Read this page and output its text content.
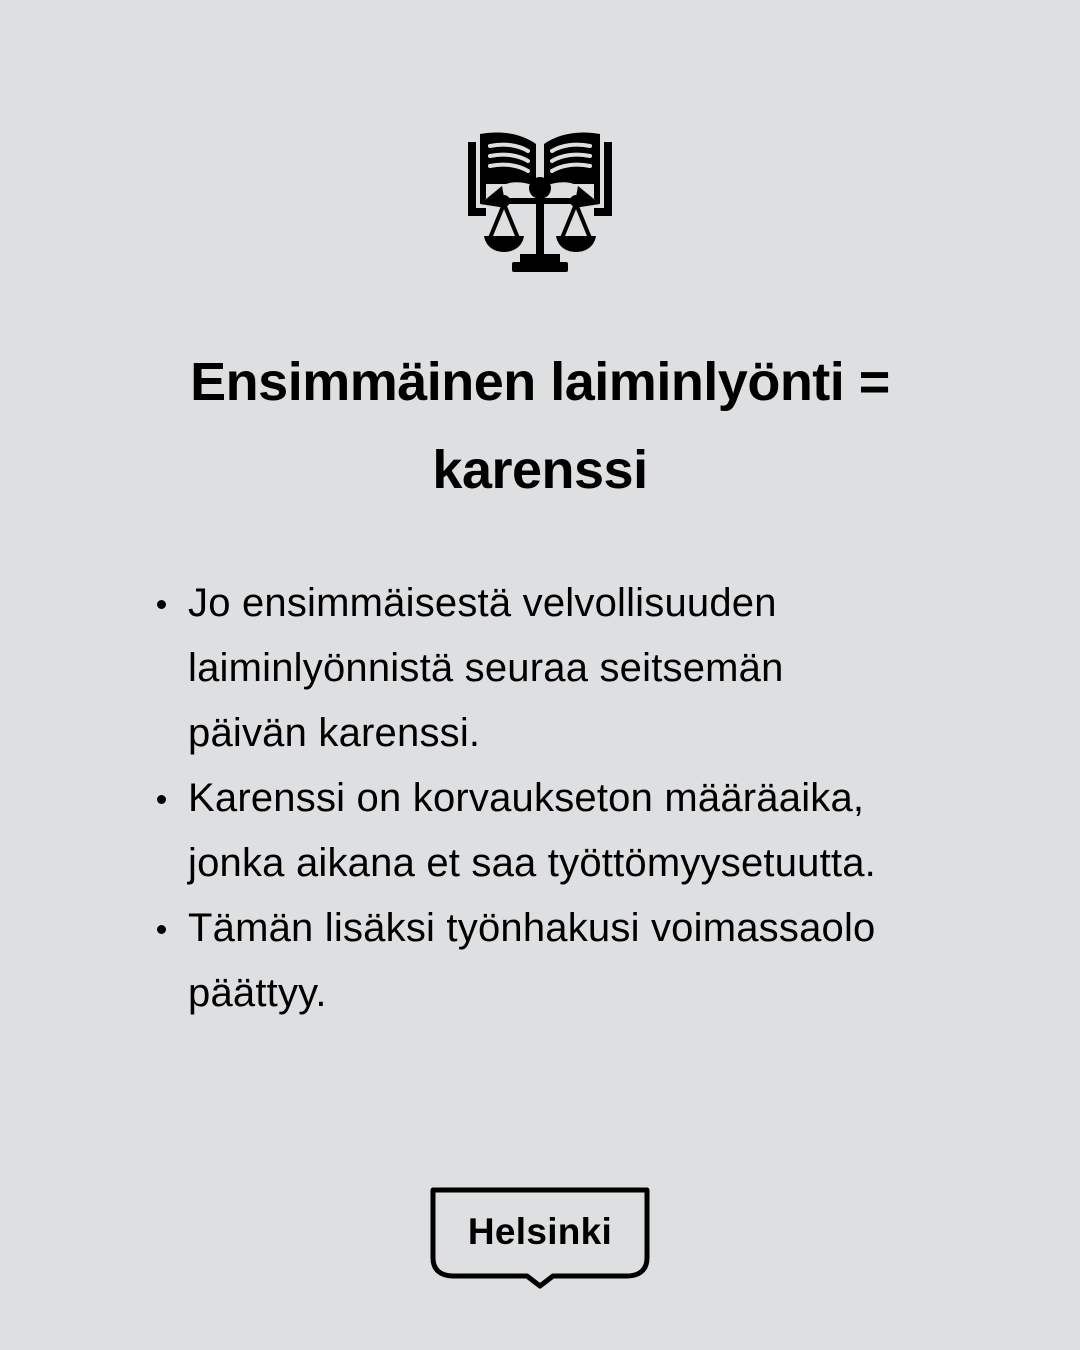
Ensimmäinen laiminlyönti =
karenssi
Jo ensimmäisestä velvollisuuden
laiminlyönnistä seuraa seitsemän
päivän karenssi.
Karenssi on korvaukseton määräaika,
jonka aikana et saa työttömyysetuutta.
Tämän lisäksi työnhakusi voimassaolo
päättyy.
Helsinki
